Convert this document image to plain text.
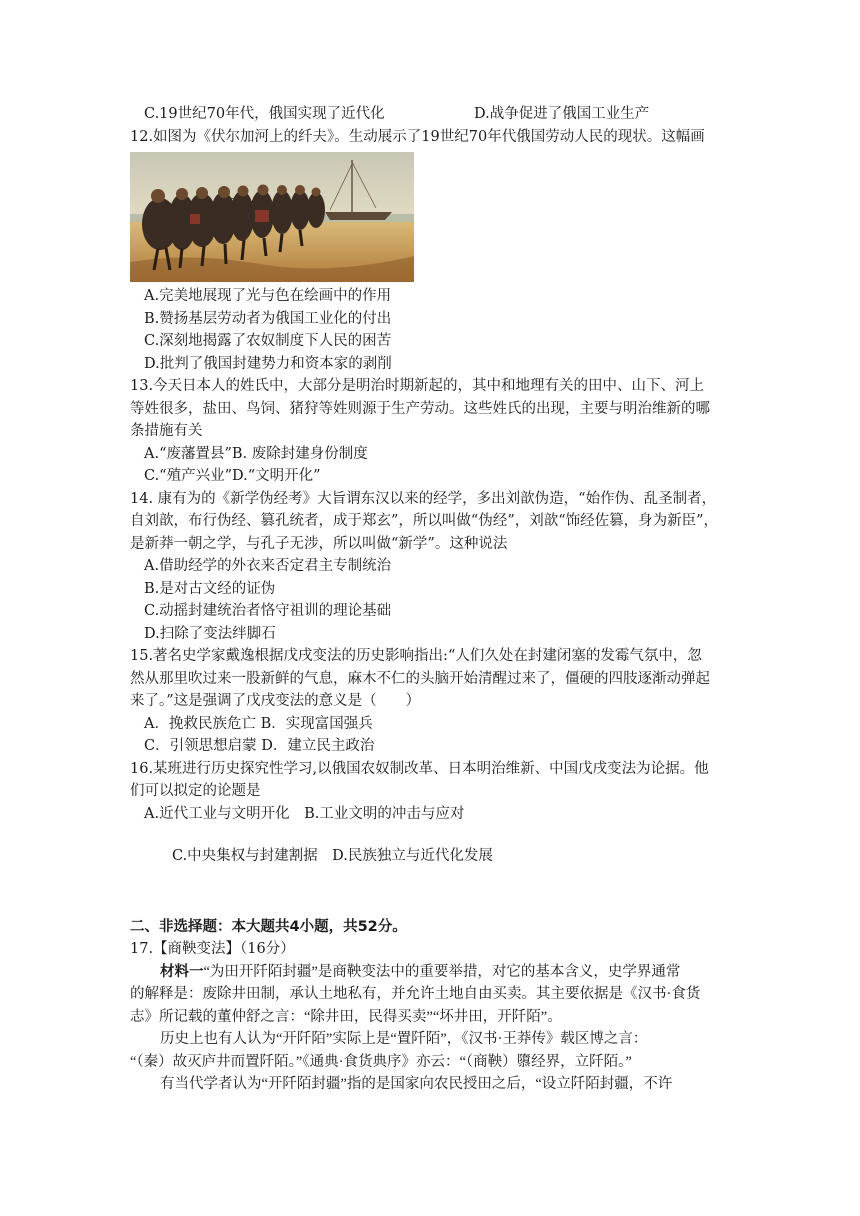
C.19世纪70年代，俄国实现了近代化	D.战争促进了俄国工业生产
12.如图为《伏尔加河上的纤夫》。生动展示了19世纪70年代俄国劳动人民的现状。这幅画
A.完美地展现了光与色在绘画中的作用
B.赞扬基层劳动者为俄国工业化的付出
C.深刻地揭露了农奴制度下人民的困苦
D.批判了俄国封建势力和资本家的剥削
13.今天日本人的姓氏中，大部分是明治时期新起的，其中和地理有关的田中、山下、河上
等姓很多，盐田、鸟饲、猪狩等姓则源于生产劳动。这些姓氏的出现，主要与明治维新的哪
条措施有关
A.“废藩置县”B. 废除封建身份制度
C.“殖产兴业”D.“文明开化”
14. 康有为的《新学伪经考》大旨谓东汉以来的经学，多出刘歆伪造，“始作伪、乱圣制者，
自刘歆，布行伪经、篡孔统者，成于郑玄”，所以叫做“伪经”，刘歆“饰经佐篡，身为新臣”，
是新莽一朝之学，与孔子无涉，所以叫做“新学”。这种说法
A.借助经学的外衣来否定君主专制统治
B.是对古文经的证伪
C.动摇封建统治者恪守祖训的理论基础
D.扫除了变法绊脚石
15.著名史学家戴逸根据戊戌变法的历史影响指出:“人们久处在封建闭塞的发霉气氛中，忽
然从那里吹过来一股新鲜的气息，麻木不仁的头脑开始清醒过来了，僵硬的四肢逐渐动弹起
来了。”这是强调了戊戌变法的意义是（　　）
A．挽救民族危亡 B．实现富国强兵
C．引领思想启蒙 D．建立民主政治
16.某班进行历史探究性学习,以俄国农奴制改革、日本明治维新、中国戊戌变法为论据。他
们可以拟定的论题是
A.近代工业与文明开化　B.工业文明的冲击与应对
C.中央集权与封建割据　D.民族独立与近代化发展
二、非选择题：本大题共4小题，共52分。
17.【商鞅变法】（16分）
材料一“为田开阡陌封疆”是商鞅变法中的重要举措，对它的基本含义，史学界通常
的解释是：废除井田制，承认土地私有，并允许土地自由买卖。其主要依据是《汉书·食货
志》所记载的董仲舒之言：“除井田，民得买卖”“坏井田，开阡陌”。
历史上也有人认为“开阡陌”实际上是“置阡陌”，《汉书·王莽传》载区博之言：
“（秦）故灭庐井而置阡陌。”《通典·食货典序》亦云：“（商鞅）隳经界，立阡陌。”
有当代学者认为“开阡陌封疆”指的是国家向农民授田之后，“设立阡陌封疆，不许
